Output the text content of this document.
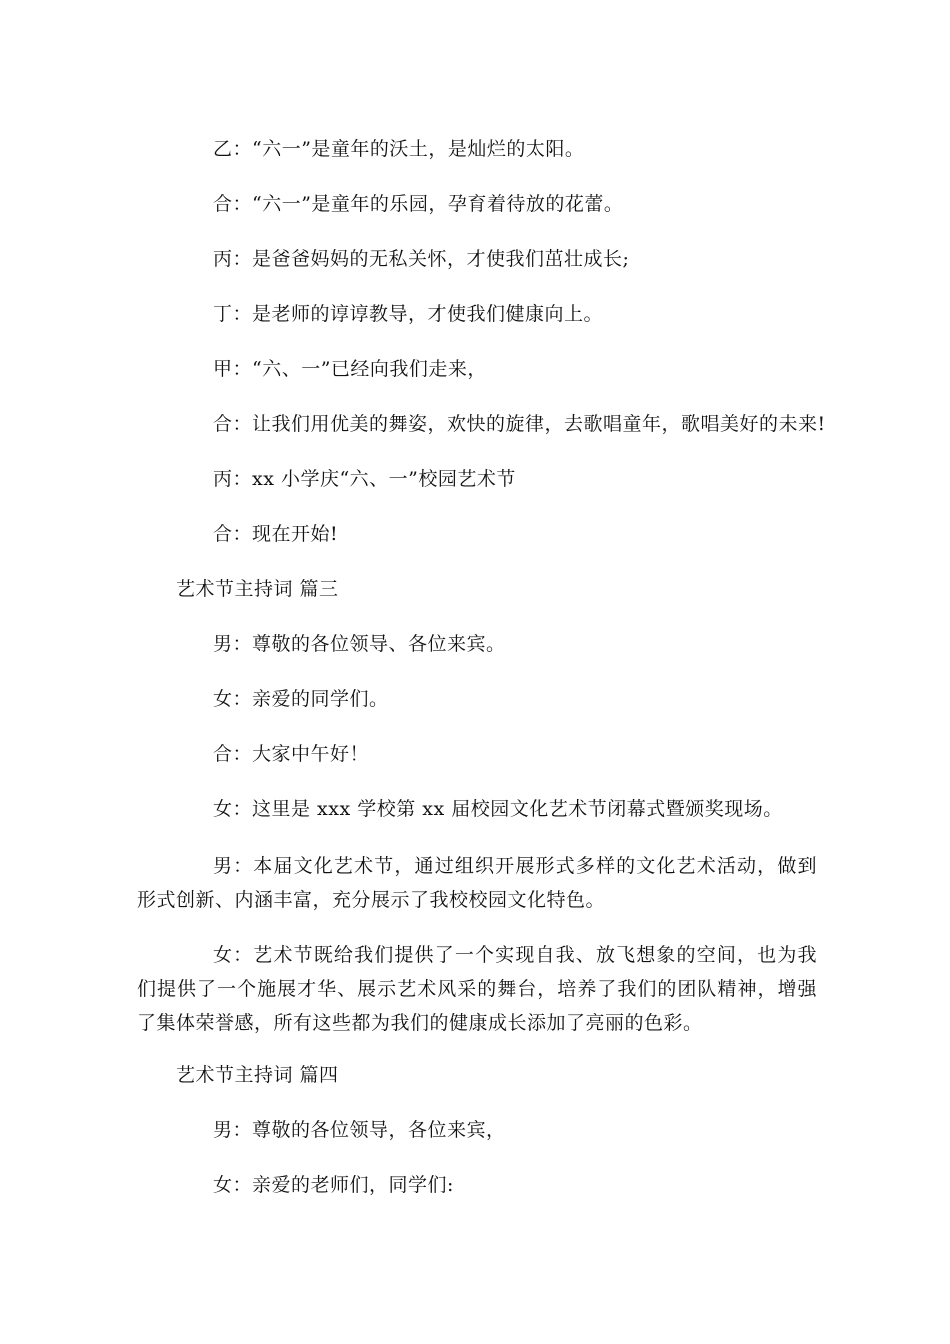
乙：“六一”是童年的沃土，是灿烂的太阳。
合：“六一”是童年的乐园，孕育着待放的花蕾。
丙：是爸爸妈妈的无私关怀，才使我们茁壮成长;
丁：是老师的谆谆教导，才使我们健康向上。
甲：“六、一”已经向我们走来，
合：让我们用优美的舞姿，欢快的旋律，去歌唱童年，歌唱美好的未来!
丙：xx 小学庆“六、一”校园艺术节
合：现在开始!
艺术节主持词 篇三
男：尊敬的各位领导、各位来宾。
女：亲爱的同学们。
合：大家中午好！
女：这里是 xxx 学校第 xx 届校园文化艺术节闭幕式暨颁奖现场。
男：本届文化艺术节，通过组织开展形式多样的文化艺术活动，做到形式创新、内涵丰富，充分展示了我校校园文化特色。
女：艺术节既给我们提供了一个实现自我、放飞想象的空间，也为我们提供了一个施展才华、展示艺术风采的舞台，培养了我们的团队精神，增强了集体荣誉感，所有这些都为我们的健康成长添加了亮丽的色彩。
艺术节主持词 篇四
男：尊敬的各位领导，各位来宾，
女：亲爱的老师们，同学们:
